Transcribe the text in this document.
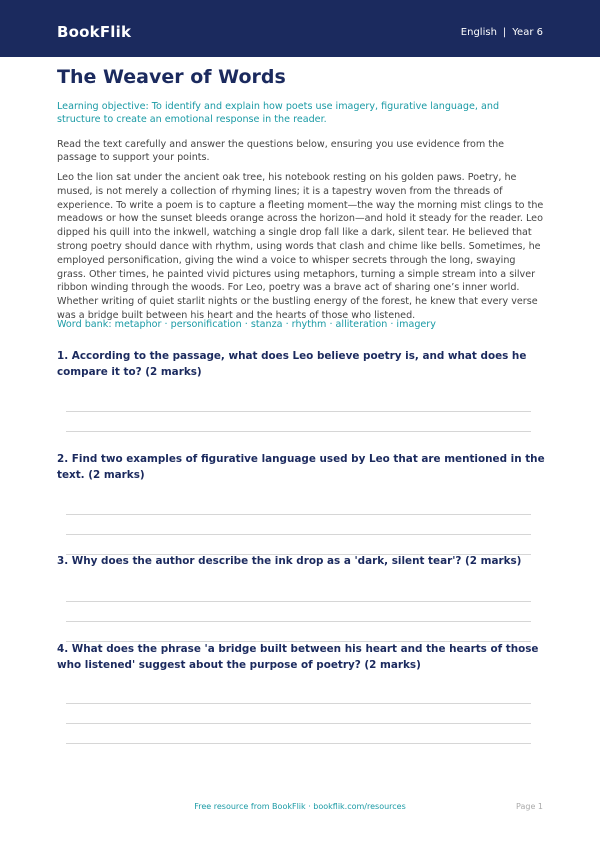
BookFlik	English | Year 6
The Weaver of Words

Learning objective: To identify and explain how poets use imagery, figurative language, and structure to create an emotional response in the reader.

Read the text carefully and answer the questions below, ensuring you use evidence from the passage to support your points.

Leo the lion sat under the ancient oak tree, his notebook resting on his golden paws. Poetry, he mused, is not merely a collection of rhyming lines; it is a tapestry woven from the threads of experience. To write a poem is to capture a fleeting moment—the way the morning mist clings to the meadows or how the sunset bleeds orange across the horizon—and hold it steady for the reader. Leo dipped his quill into the inkwell, watching a single drop fall like a dark, silent tear. He believed that strong poetry should dance with rhythm, using words that clash and chime like bells. Sometimes, he employed personification, giving the wind a voice to whisper secrets through the long, swaying grass. Other times, he painted vivid pictures using metaphors, turning a simple stream into a silver ribbon winding through the woods. For Leo, poetry was a brave act of sharing one’s inner world. Whether writing of quiet starlit nights or the bustling energy of the forest, he knew that every verse was a bridge built between his heart and the hearts of those who listened.

Word bank: metaphor · personification · stanza · rhythm · alliteration · imagery

1. According to the passage, what does Leo believe poetry is, and what does he compare it to? (2 marks)

2. Find two examples of figurative language used by Leo that are mentioned in the text. (2 marks)

3. Why does the author describe the ink drop as a 'dark, silent tear'? (2 marks)

4. What does the phrase 'a bridge built between his heart and the hearts of those who listened' suggest about the purpose of poetry? (2 marks)

Free resource from BookFlik · bookflik.com/resources	Page 1
